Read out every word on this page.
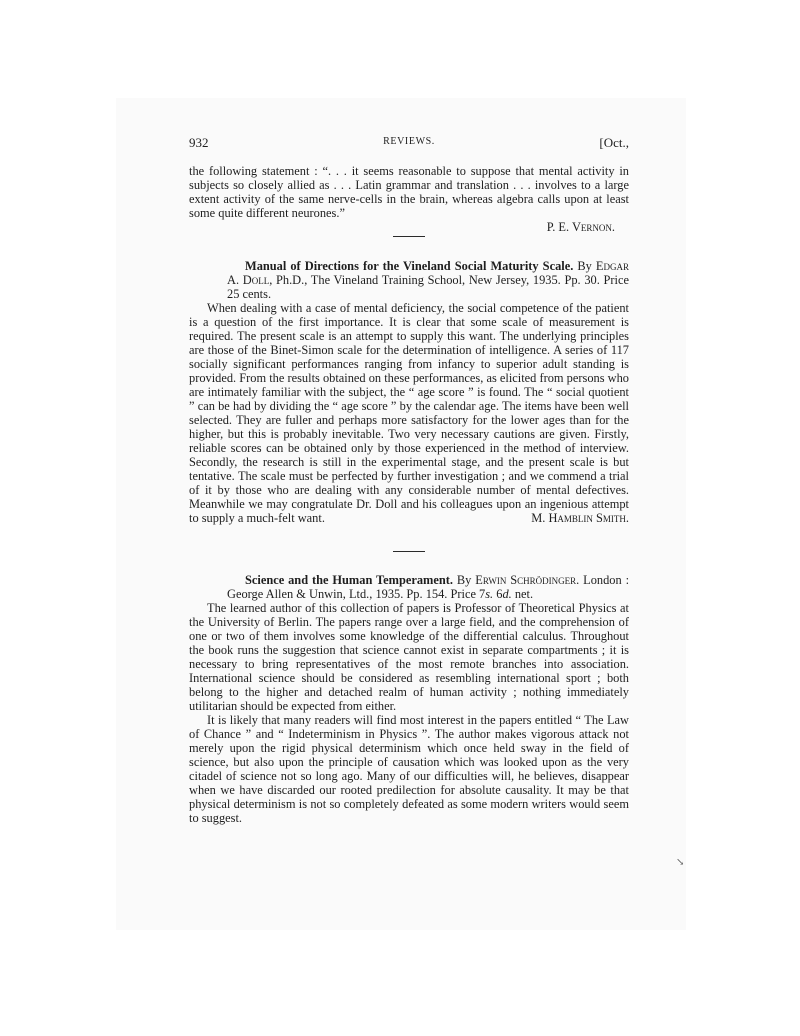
932	REVIEWS.	[Oct.,

the following statement : “. . . it seems reasonable to suppose that mental activity in subjects so closely allied as . . . Latin grammar and translation . . . involves to a large extent activity of the same nerve-cells in the brain, whereas algebra calls upon at least some quite different neurones.”

P. E. Vernon.

Manual of Directions for the Vineland Social Maturity Scale. By Edgar A. Doll, Ph.D., The Vineland Training School, New Jersey, 1935. Pp. 30. Price 25 cents.

When dealing with a case of mental deficiency, the social competence of the patient is a question of the first importance. It is clear that some scale of measurement is required. The present scale is an attempt to supply this want. The underlying principles are those of the Binet-Simon scale for the determination of intelligence. A series of 117 socially significant performances ranging from infancy to superior adult standing is provided. From the results obtained on these performances, as elicited from persons who are intimately familiar with the subject, the “ age score ” is found. The “ social quotient ” can be had by dividing the “ age score ” by the calendar age. The items have been well selected. They are fuller and perhaps more satisfactory for the lower ages than for the higher, but this is probably inevitable. Two very necessary cautions are given. Firstly, reliable scores can be obtained only by those experienced in the method of interview. Secondly, the research is still in the experimental stage, and the present scale is but tentative. The scale must be perfected by further investigation ; and we commend a trial of it by those who are dealing with any considerable number of mental defectives. Meanwhile we may congratulate Dr. Doll and his colleagues upon an ingenious attempt to supply a much-felt want.	M. Hamblin Smith.

Science and the Human Temperament. By Erwin Schrödinger. London : George Allen & Unwin, Ltd., 1935. Pp. 154. Price 7s. 6d. net.

The learned author of this collection of papers is Professor of Theoretical Physics at the University of Berlin. The papers range over a large field, and the comprehension of one or two of them involves some knowledge of the differential calculus. Throughout the book runs the suggestion that science cannot exist in separate compartments ; it is necessary to bring representatives of the most remote branches into association. International science should be considered as resembling international sport ; both belong to the higher and detached realm of human activity ; nothing immediately utilitarian should be expected from either.

It is likely that many readers will find most interest in the papers entitled “ The Law of Chance ” and “ Indeterminism in Physics ”. The author makes vigorous attack not merely upon the rigid physical determinism which once held sway in the field of science, but also upon the principle of causation which was looked upon as the very citadel of science not so long ago. Many of our difficulties will, he believes, disappear when we have discarded our rooted predilection for absolute causality. It may be that physical determinism is not so completely defeated as some modern writers would seem to suggest.

↘
